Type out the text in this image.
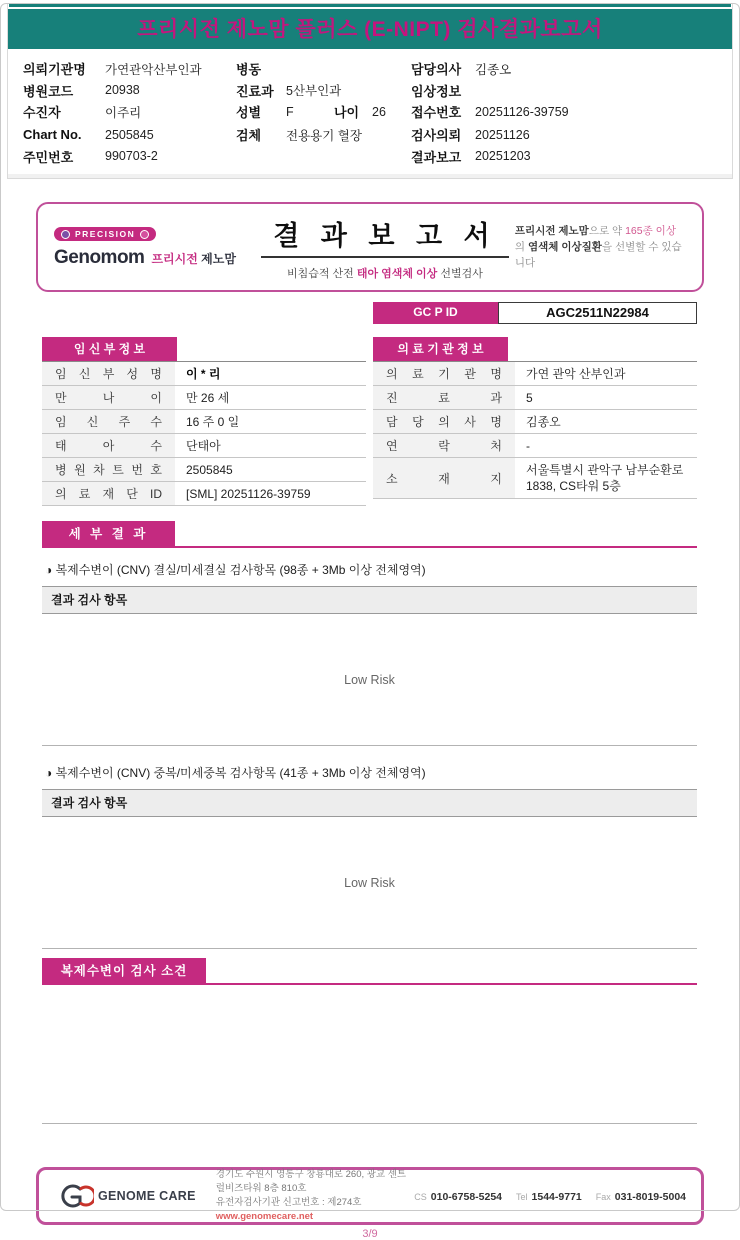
프리시전 제노맘 플러스 (E-NIPT) 검사결과보고서
의뢰기관명	가연관악산부인과
병원코드	20938
수진자	이주리
Chart No.	2505845
주민번호	990703-2
병동
진료과 5산부인과
성별	F	나이	26
검체	전용용기 혈장
담당의사	김종오
임상정보
접수번호	20251126-39759
검사의뢰	20251126
결과보고	20251203
PRECISION
Genomom 프리시전 제노맘
결 과 보 고 서
비침습적 산전 태아 염색체 이상 선별검사
프리시전 제노맘으로 약 165종 이상의 염색체 이상질환을 선별할 수 있습니다
GC P ID	AGC2511N22984
임 신 부 정 보
임 신 부 성 명	이 * 리
만 나 이	만 26 세
임 신 주 수	16 주 0 일
태 아 수	단태아
병 원 차 트 번 호	2505845
의 료 재 단 ID	[SML] 20251126-39759
의 료 기 관 정 보
의 료 기 관 명	가연 관악 산부인과
진 료 과	5
담 당 의 사 명	김종오
연 락 처	-
소 재 지
서울특별시 관악구 남부순환로 1838, CS타워 5층
세 부 결 과
◑ 복제수변이 (CNV) 결실/미세결실 검사항목 (98종 + 3Mb 이상 전체영역)
결과 검사 항목
Low Risk
◑ 복제수변이 (CNV) 중복/미세중복 검사항목 (41종 + 3Mb 이상 전체영역)
결과 검사 항목
Low Risk
복제수변이 검사 소견
GENOME CARE
경기도 수원시 영통구 창룡대로 260, 광교 센트럴비즈타워 8층 810호
유전자검사기관 신고번호 : 제274호
www.genomecare.net
CS 010-6758-5254 Tel 1544-9771 Fax 031-8019-5004
3/9
